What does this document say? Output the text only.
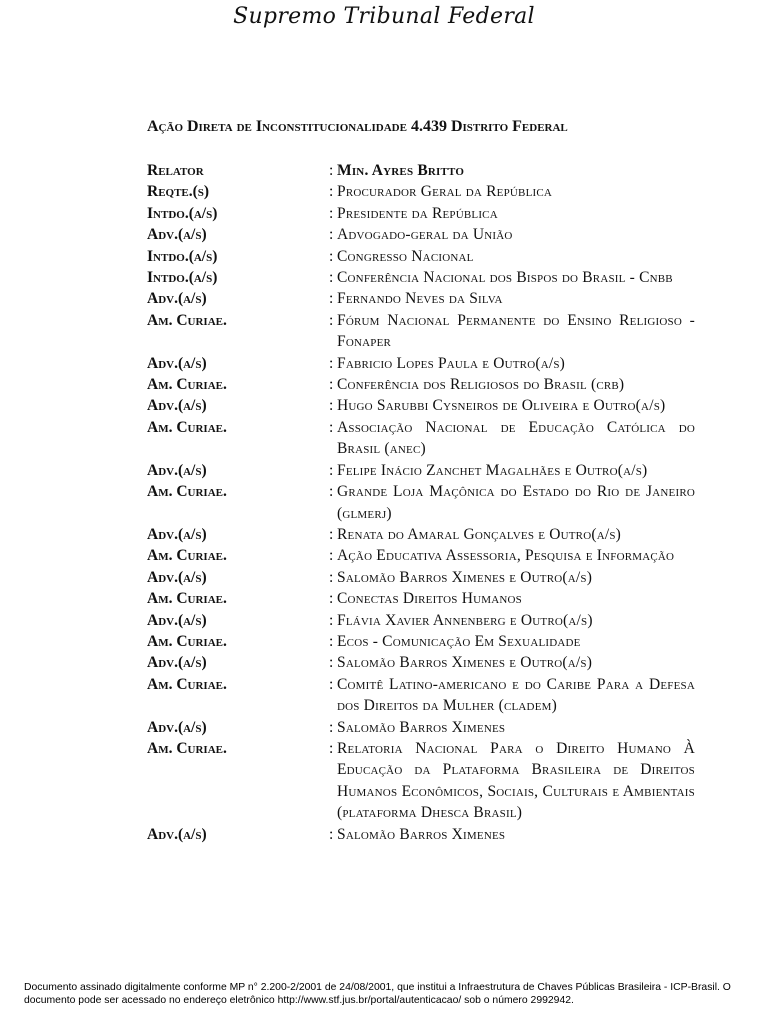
Supremo Tribunal Federal
Ação Direta de Inconstitucionalidade 4.439 Distrito Federal
Relator	: Min. Ayres Britto
Reqte.(s)	: Procurador Geral da República
Intdo.(a/s)	: Presidente da República
Adv.(a/s)	: Advogado-geral da União
Intdo.(a/s)	: Congresso Nacional
Intdo.(a/s)	: Conferência Nacional dos Bispos do Brasil - Cnbb
Adv.(a/s)	: Fernando Neves da Silva
Am. Curiae.	: Fórum Nacional Permanente do Ensino Religioso - Fonaper
Adv.(a/s)	: Fabricio Lopes Paula e Outro(a/s)
Am. Curiae.	: Conferência dos Religiosos do Brasil (crb)
Adv.(a/s)	: Hugo Sarubbi Cysneiros de Oliveira e Outro(a/s)
Am. Curiae.	: Associação Nacional de Educação Católica do Brasil (anec)
Adv.(a/s)	: Felipe Inácio Zanchet Magalhães e Outro(a/s)
Am. Curiae.	: Grande Loja Maçônica do Estado do Rio de Janeiro (glmerj)
Adv.(a/s)	: Renata do Amaral Gonçalves e Outro(a/s)
Am. Curiae.	: Ação Educativa Assessoria, Pesquisa e Informação
Adv.(a/s)	: Salomão Barros Ximenes e Outro(a/s)
Am. Curiae.	: Conectas Direitos Humanos
Adv.(a/s)	: Flávia Xavier Annenberg e Outro(a/s)
Am. Curiae.	: Ecos - Comunicação Em Sexualidade
Adv.(a/s)	: Salomão Barros Ximenes e Outro(a/s)
Am. Curiae.	: Comitê Latino-americano e do Caribe Para a Defesa dos Direitos da Mulher (cladem)
Adv.(a/s)	: Salomão Barros Ximenes
Am. Curiae.	: Relatoria Nacional Para o Direito Humano À Educação da Plataforma Brasileira de Direitos Humanos Econômicos, Sociais, Culturais e Ambientais (plataforma Dhesca Brasil)
Adv.(a/s)	: Salomão Barros Ximenes
Documento assinado digitalmente conforme MP n° 2.200-2/2001 de 24/08/2001, que institui a Infraestrutura de Chaves Públicas Brasileira - ICP-Brasil. O documento pode ser acessado no endereço eletrônico http://www.stf.jus.br/portal/autenticacao/ sob o número 2992942.
